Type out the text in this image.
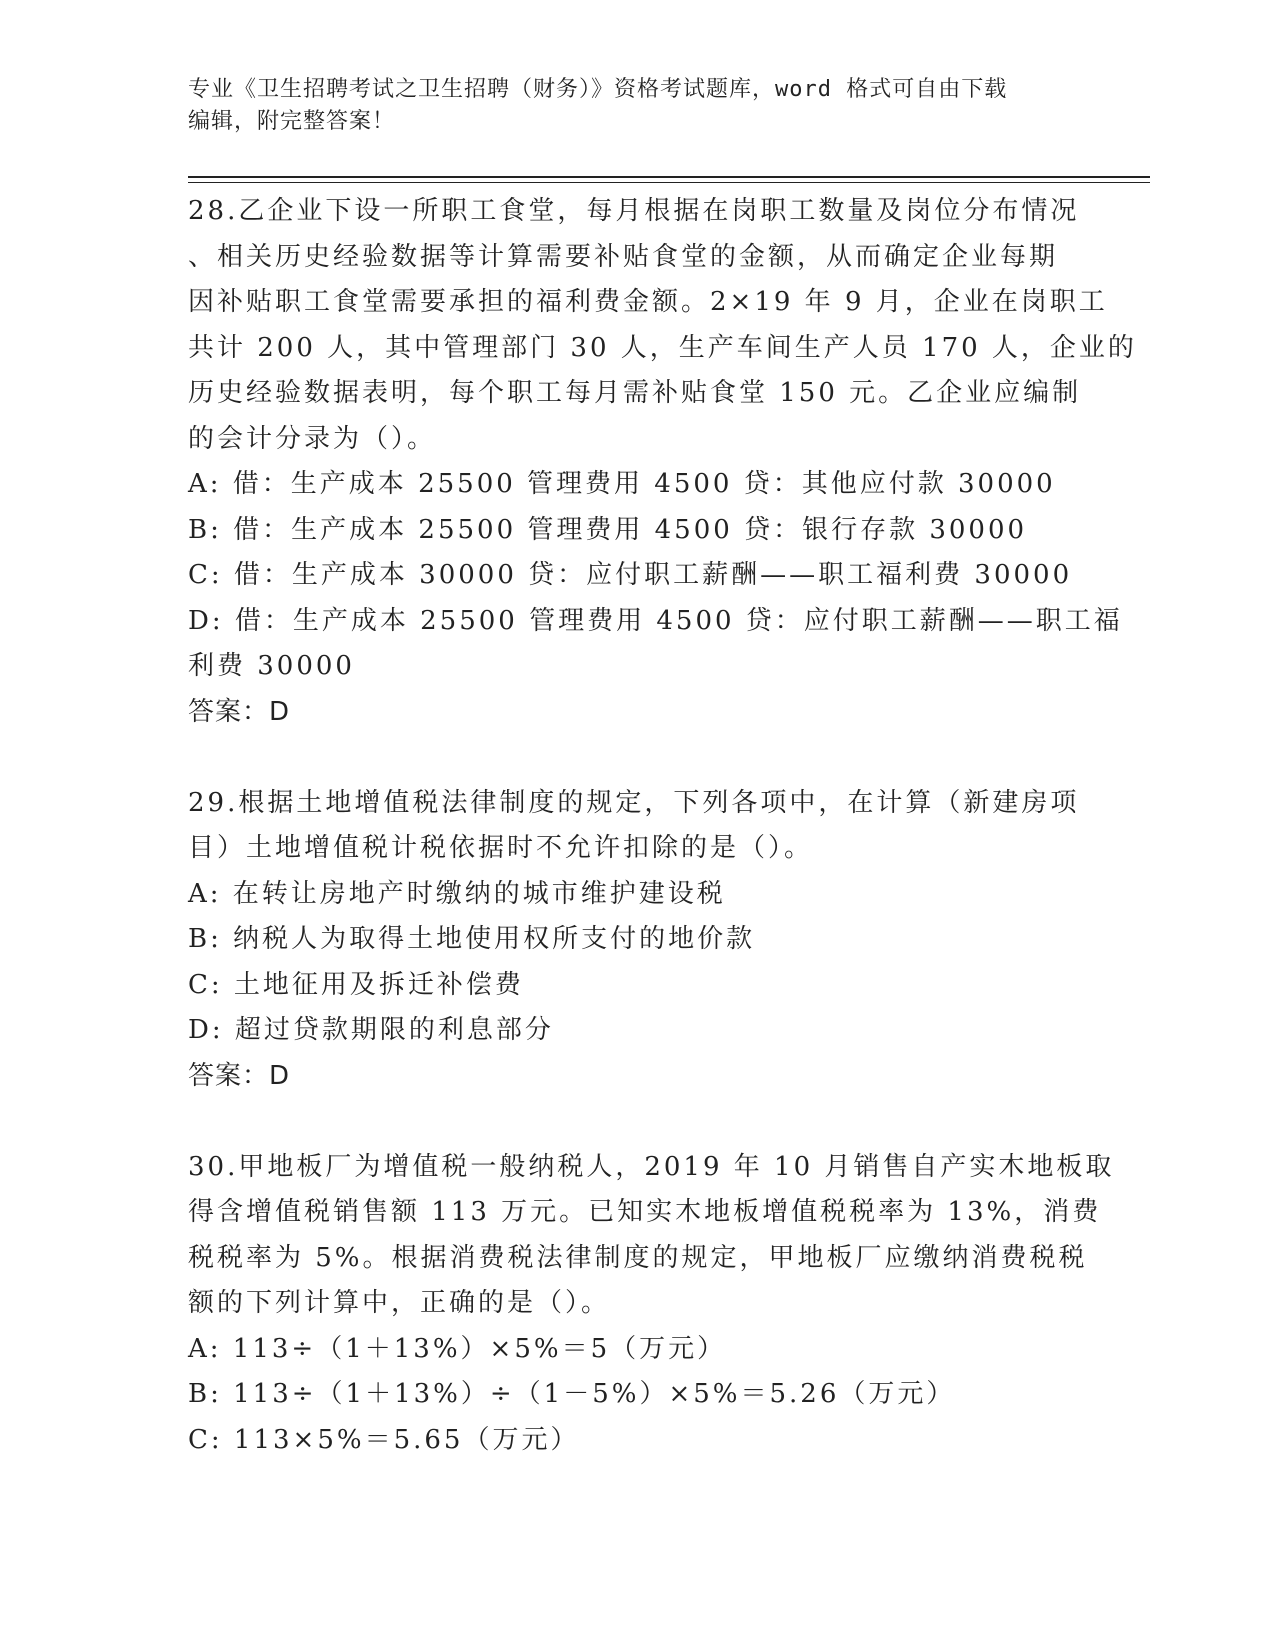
专业《卫生招聘考试之卫生招聘（财务）》资格考试题库，word 格式可自由下载
编辑，附完整答案！
28.乙企业下设一所职工食堂，每月根据在岗职工数量及岗位分布情况
、相关历史经验数据等计算需要补贴食堂的金额，从而确定企业每期
因补贴职工食堂需要承担的福利费金额。2×19 年 9 月，企业在岗职工
共计 200 人，其中管理部门 30 人，生产车间生产人员 170 人，企业的
历史经验数据表明，每个职工每月需补贴食堂 150 元。乙企业应编制
的会计分录为（）。
A: 借：生产成本 25500 管理费用 4500 贷：其他应付款 30000
B: 借：生产成本 25500 管理费用 4500 贷：银行存款 30000
C: 借：生产成本 30000 贷：应付职工薪酬——职工福利费 30000
D: 借：生产成本 25500 管理费用 4500 贷：应付职工薪酬——职工福
利费 30000
答案：D
29.根据土地增值税法律制度的规定，下列各项中，在计算（新建房项
目）土地增值税计税依据时不允许扣除的是（）。
A: 在转让房地产时缴纳的城市维护建设税
B: 纳税人为取得土地使用权所支付的地价款
C: 土地征用及拆迁补偿费
D: 超过贷款期限的利息部分
答案：D
30.甲地板厂为增值税一般纳税人，2019 年 10 月销售自产实木地板取
得含增值税销售额 113 万元。已知实木地板增值税税率为 13%，消费
税税率为 5%。根据消费税法律制度的规定，甲地板厂应缴纳消费税税
额的下列计算中，正确的是（）。
A: 113÷（1＋13%）×5%＝5（万元）
B: 113÷（1＋13%）÷（1－5%）×5%＝5.26（万元）
C: 113×5%＝5.65（万元）
